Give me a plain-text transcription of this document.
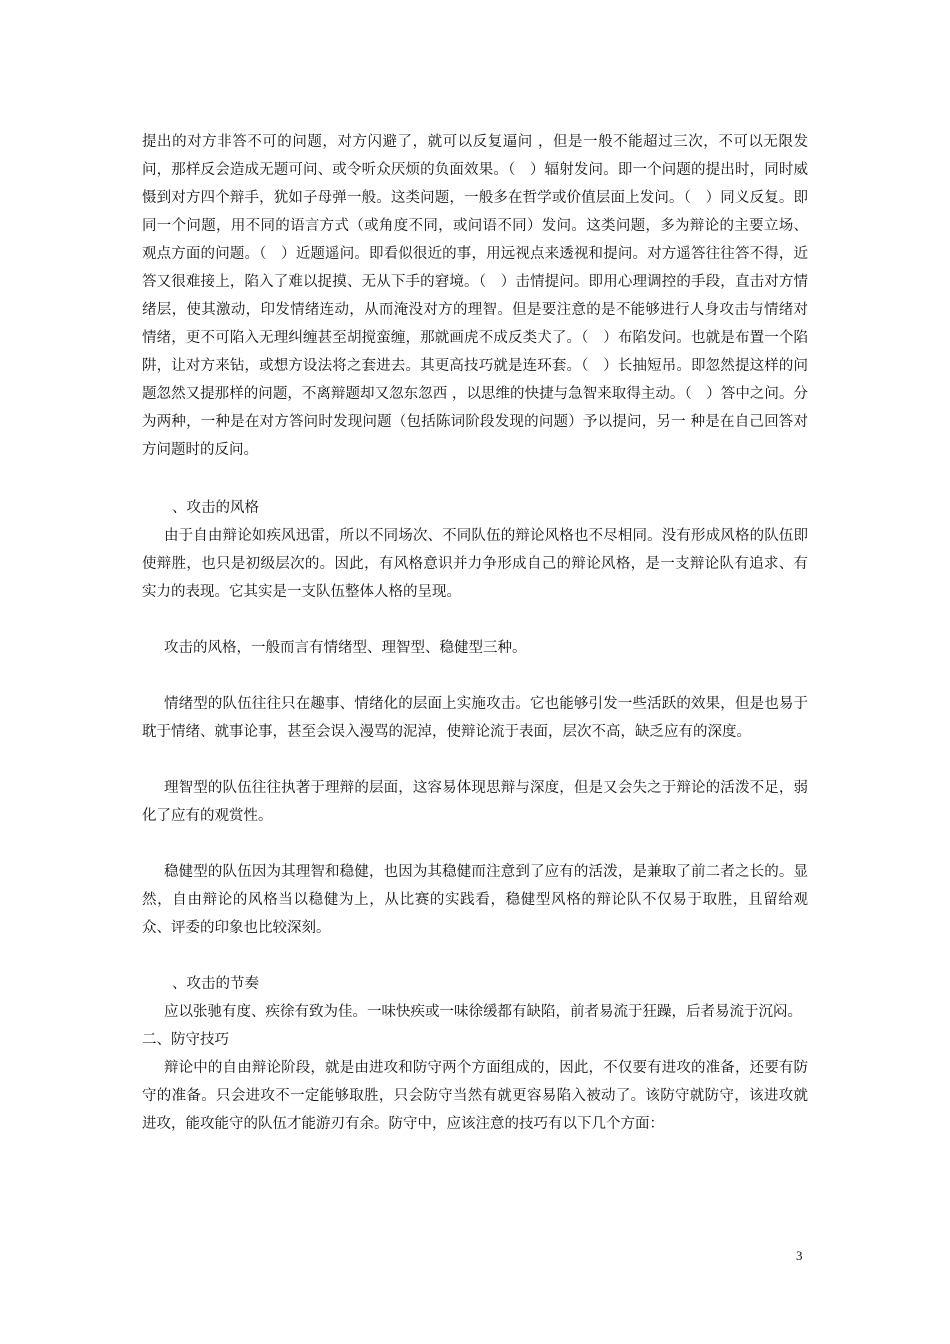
提出的对方非答不可的问题，对方闪避了，就可以反复逼问 ，但是一般不能超过三次，不可以无限发问，那样反会造成无题可问、或令听众厌烦的负面效果。（　）辐射发问。即一个问题的提出时，同时威慑到对方四个辩手，犹如子母弹一般。这类问题，一般多在哲学或价值层面上发问。（　）同义反复。即同一个问题，用不同的语言方式（或角度不同，或问语不同）发问。这类问题，多为辩论的主要立场、观点方面的问题。（　）近题遥问。即看似很近的事，用远视点来透视和提问。对方遥答往往答不得，近答又很难接上，陷入了难以捉摸、无从下手的窘境。（　）击情提问。即用心理调控的手段，直击对方情绪层，使其激动，印发情绪连动，从而淹没对方的理智。但是要注意的是不能够进行人身攻击与情绪对情绪，更不可陷入无理纠缠甚至胡搅蛮缠，那就画虎不成反类犬了。（　）布陷发问。也就是布置一个陷阱，让对方来钻，或想方设法将之套进去。其更高技巧就是连环套。（　）长抽短吊。即忽然提这样的问题忽然又提那样的问题，不离辩题却又忽东忽西 ，以思维的快捷与急智来取得主动。（　）答中之问。分为两种，一种是在对方答问时发现问题（包括陈词阶段发现的问题）予以提问，另一 种是在自己回答对方问题时的反问。

、攻击的风格

由于自由辩论如疾风迅雷，所以不同场次、不同队伍的辩论风格也不尽相同。没有形成风格的队伍即使辩胜，也只是初级层次的。因此，有风格意识并力争形成自己的辩论风格，是一支辩论队有追求、有实力的表现。它其实是一支队伍整体人格的呈现。

攻击的风格，一般而言有情绪型、理智型、稳健型三种。

情绪型的队伍往往只在趣事、情绪化的层面上实施攻击。它也能够引发一些活跃的效果，但是也易于耽于情绪、就事论事，甚至会误入漫骂的泥淖，使辩论流于表面，层次不高，缺乏应有的深度。

理智型的队伍往往执著于理辩的层面，这容易体现思辩与深度，但是又会失之于辩论的活泼不足，弱化了应有的观赏性。

稳健型的队伍因为其理智和稳健，也因为其稳健而注意到了应有的活泼，是兼取了前二者之长的。显然，自由辩论的风格当以稳健为上，从比赛的实践看，稳健型风格的辩论队不仅易于取胜，且留给观众、评委的印象也比较深刻。

、攻击的节奏

应以张驰有度、疾徐有致为佳。一味快疾或一味徐缓都有缺陷，前者易流于狂躁，后者易流于沉闷。

二、防守技巧

辩论中的自由辩论阶段，就是由进攻和防守两个方面组成的，因此，不仅要有进攻的准备，还要有防守的准备。只会进攻不一定能够取胜，只会防守当然有就更容易陷入被动了。该防守就防守，该进攻就进攻，能攻能守的队伍才能游刃有余。防守中，应该注意的技巧有以下几个方面：

3
